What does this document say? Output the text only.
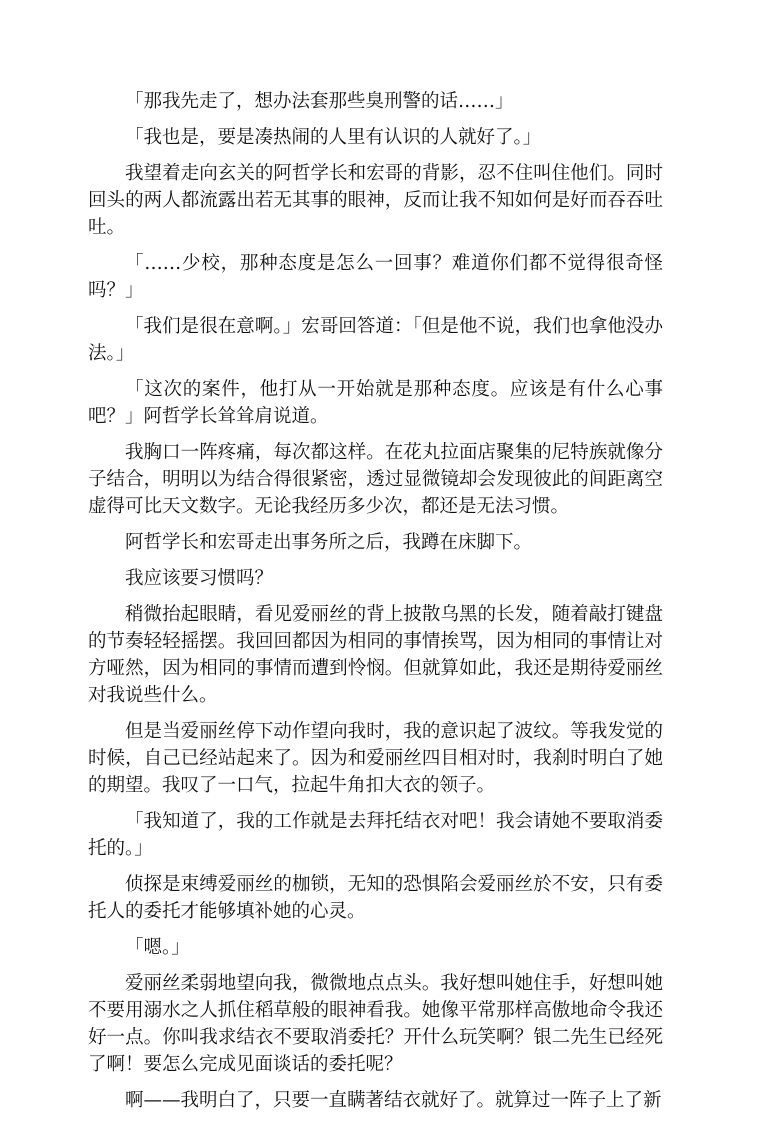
「那我先走了，想办法套那些臭刑警的话……」

「我也是，要是凑热闹的人里有认识的人就好了。」

我望着走向玄关的阿哲学长和宏哥的背影，忍不住叫住他们。同时回头的两人都流露出若无其事的眼神，反而让我不知如何是好而吞吞吐吐。

「……少校，那种态度是怎么一回事？难道你们都不觉得很奇怪吗？」

「我们是很在意啊。」宏哥回答道：「但是他不说，我们也拿他没办法。」

「这次的案件，他打从一开始就是那种态度。应该是有什么心事吧？」阿哲学长耸耸肩说道。

我胸口一阵疼痛，每次都这样。在花丸拉面店聚集的尼特族就像分子结合，明明以为结合得很紧密，透过显微镜却会发现彼此的间距离空虚得可比天文数字。无论我经历多少次，都还是无法习惯。

阿哲学长和宏哥走出事务所之后，我蹲在床脚下。

我应该要习惯吗？

稍微抬起眼睛，看见爱丽丝的背上披散乌黑的长发，随着敲打键盘的节奏轻轻摇摆。我回回都因为相同的事情挨骂，因为相同的事情让对方哑然，因为相同的事情而遭到怜悯。但就算如此，我还是期待爱丽丝对我说些什么。

但是当爱丽丝停下动作望向我时，我的意识起了波纹。等我发觉的时候，自己已经站起来了。因为和爱丽丝四目相对时，我刹时明白了她的期望。我叹了一口气，拉起牛角扣大衣的领子。

「我知道了，我的工作就是去拜托结衣对吧！我会请她不要取消委托的。」

侦探是束缚爱丽丝的枷锁，无知的恐惧陷会爱丽丝於不安，只有委托人的委托才能够填补她的心灵。

「嗯。」

爱丽丝柔弱地望向我，微微地点点头。我好想叫她住手，好想叫她不要用溺水之人抓住稻草般的眼神看我。她像平常那样高傲地命令我还好一点。你叫我求结衣不要取消委托？开什么玩笑啊？银二先生已经死了啊！要怎么完成见面谈话的委托呢？

啊——我明白了，只要一直瞒著结衣就好了。就算过一阵子上了新
